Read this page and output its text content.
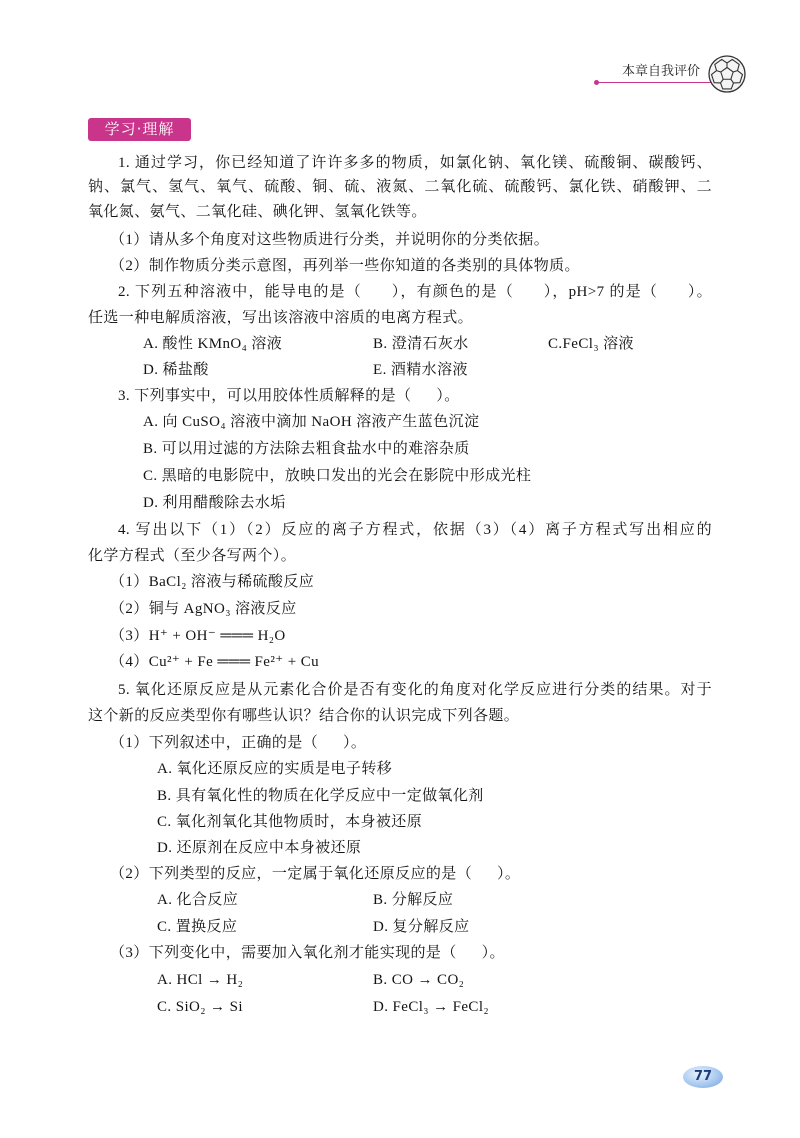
本章自我评价
学习·理解
1. 通过学习，你已经知道了许许多多的物质，如氯化钠、氧化镁、硫酸铜、碳酸钙、
钠、氯气、氢气、氧气、硫酸、铜、硫、液氮、二氧化硫、硫酸钙、氯化铁、硝酸钾、二
氧化氮、氨气、二氧化硅、碘化钾、氢氧化铁等。
（1）请从多个角度对这些物质进行分类，并说明你的分类依据。
（2）制作物质分类示意图，再列举一些你知道的各类别的具体物质。
2. 下列五种溶液中，能导电的是（      ），有颜色的是（      ），pH>7 的是（      ）。
任选一种电解质溶液，写出该溶液中溶质的电离方程式。
A. 酸性 KMnO₄ 溶液	B. 澄清石灰水	C.FeCl₃ 溶液
D. 稀盐酸	E. 酒精水溶液
3. 下列事实中，可以用胶体性质解释的是（      ）。
A. 向 CuSO₄ 溶液中滴加 NaOH 溶液产生蓝色沉淀
B. 可以用过滤的方法除去粗食盐水中的难溶杂质
C. 黑暗的电影院中，放映口发出的光会在影院中形成光柱
D. 利用醋酸除去水垢
4. 写出以下（1）（2）反应的离子方程式，依据（3）（4）离子方程式写出相应的
化学方程式（至少各写两个）。
（1）BaCl₂ 溶液与稀硫酸反应
（2）铜与 AgNO₃ 溶液反应
（3）H⁺ + OH⁻ ═══ H₂O
（4）Cu²⁺ + Fe ═══ Fe²⁺ + Cu
5. 氧化还原反应是从元素化合价是否有变化的角度对化学反应进行分类的结果。对于
这个新的反应类型你有哪些认识？结合你的认识完成下列各题。
（1）下列叙述中，正确的是（      ）。
A. 氧化还原反应的实质是电子转移
B. 具有氧化性的物质在化学反应中一定做氧化剂
C. 氧化剂氧化其他物质时，本身被还原
D. 还原剂在反应中本身被还原
（2）下列类型的反应，一定属于氧化还原反应的是（      ）。
A. 化合反应	B. 分解反应
C. 置换反应	D. 复分解反应
（3）下列变化中，需要加入氧化剂才能实现的是（      ）。
A. HCl → H₂	B. CO → CO₂
C. SiO₂ → Si	D. FeCl₃ → FeCl₂
77
